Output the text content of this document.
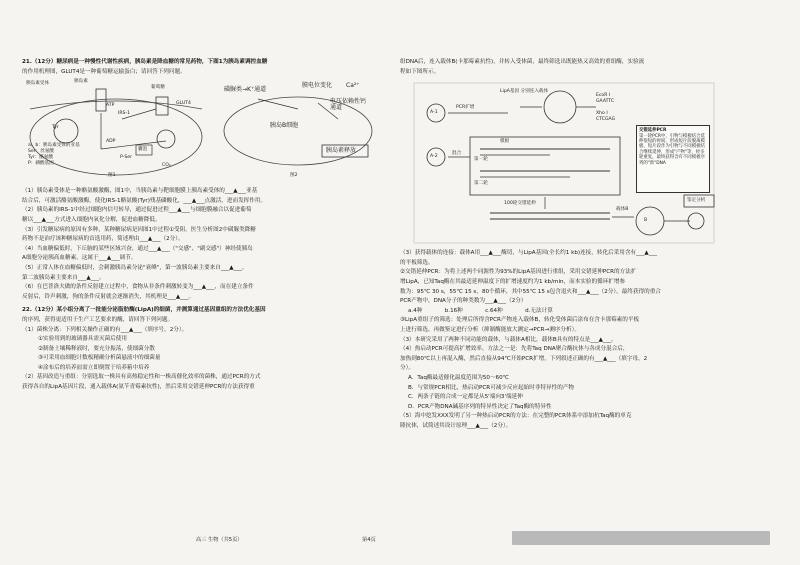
21.（12分）糖尿病是一种慢性代谢性疾病，胰岛素是降血糖的常见药物，下图1为胰岛素调控血糖
的作用机理图，GLUT4是一种葡萄糖运输蛋白；请回答下列问题。
胰岛素
胰岛素受体
葡萄糖
GLUT4
ATP
IRS-1
ADP
囊泡
Tyr
P-Ser
CO₂
a、b：胰岛素受体的亚基
Ser：丝氨酸
Tyr：酪氨酸
P：磷酸基团
图1
磺脲类→K⁺通道
膜电位变化 Ca²⁺
电压依赖性钙通道
胰岛B细胞
胰岛素释放
图2
（1）胰岛素受体是一种酪氨酸激酶，图1中，当胰岛素与靶细胞膜上胰岛素受体的___▲___亚基
结合后，可激活酪氨酸激酶，使化IRS-1酪氨酸(Tyr)残基磷酸化，___▲___点激活，进而发挥作用。
（2）胰岛素的IRS-1中经过细胞内信号转导，通过促进过程___▲___与细胞膜融合以促进葡萄
糖以___▲___方式进入细胞内氧化分解，促进血糖降低。
（3）引发糖尿病的原因有多种，某种糖尿病是因图1中过程①受阻，医生分析图2中磺脲类降糖
药物不是治疗该种糖尿病的首选用药，简述理由___▲___（2分）。
（4）当血糖偏低时，下丘脑的某些区域兴奋，通过___▲___（"交感"、"副交感"）神经使胰岛
A细胞分泌胰高血糖素，这属于___▲___调节。
（5）正常人体在血糖偏低时，会刺激胰岛素分泌"衰峰"，第一波胰岛素主要来自___▲___，
第二波胰岛素主要来自___▲___。
（6）在巴普洛夫做的条件反射建立过程中，食物从非条件刺激转变为___▲___，而在建立条件
反射后，铃声刺激，狗的条件反射就会逐渐消失，其机理是___▲___。
22.（12分）某小组分离了一批能分泌脂肪酶(LipA)的细菌，并测算通过基因重组的方法优化基因
的序列，获得更适用于生产工艺要求的酶，请回答下列问题。
（1）菌株分离：下列相关操作正确的有___▲___（填序号，2分）。
①实验用到的玻璃器具需灭菌后使用
②制备土壤稀释液时，要充分振荡，使细菌分散
③可采用血细胞计数板精确分析菌悬液中的细菌量
④涂布后的培养皿需立即倒置于培养箱中培养
（2）基因改造与重组：分别选取一株具有高热稳定性和一株高催化效率的菌株，通过PCR的方式
获得各自的LipA基因片段，通入载体A(氨苄青霉素抗性)，然后采用交错延伸PCR的方法获得重
高三 生物（共5页）
组DNA后，连入载体B(卡那霉素抗性)，并转入受体菌，最终筛选出既能热又高效的重组酶，实验流
程如下图所示。
A-1
A-2
PCR扩增
LipA基因 分别连入载体
混合
模板
第一轮
第二轮
100轮交错延伸
B
载体B
鉴定分析
EcoR I
GAATTC
Xho I
CTCGAG
交错延伸PCR
第一轮PCR中，引物与模板结合延伸很短的时间，形成短片段脱离模板，短片段作为引物与不同模板结合继续延伸，形成"产物"等，经多轮重复，最终获得含有不同模板序列的"新"DNA
（3）获得载体的连接：载体A用___▲___酶切，与LipA基因(全长约1 kb)连接，转化后采用含有___▲___
的平板筛选。
②交错延伸PCR：为将上述两个同源性为93%的LipA基因进行重组，采用交错延伸PCR的方法扩
增LipA，已知Taq酶在其最适延伸温度下的扩增速度约为1 kb/min，而本实验的循环扩增参
数为：95℃ 30 s，55℃ 15 s，80个循环，其中55℃ 15 s包含退火和___▲___（2分）。最终获得的重合
PCR产物中，DNA分子的种类数为___▲___（2分）
a.4种　　　　b.16种　　　　c.64种　　　　d.无法计算
③LipA重组子的筛选：处理后所得含PCR产物连入载体B，转化受体菌后涂布在含卡那霉素的平板
上进行筛选，再做鉴定进行分析（抑制酶能放大测定→PCR→测序分析）。
（3）本研究采用了两种不同功能的载体，与载体A相比，载体B具有的特点是___▲___。
（4）热启动PCR可提高扩增效率。方法之一是：先将Taq DNA聚合酶抗体与各成分混合后，
加热到80℃以上再混入酶，然后直接从94℃开始PCR扩增，下列叙述正确的有___▲___（填字母，2
分）。
A．Taq酶最适催化温度范围为50～60℃
B．与常规PCR相比，热启动PCR可减少反应起始时非特异性的产物
C．两条子链的合成一定都是从5'端向3'端延伸
D．PCR产物DNA碱基序列的特异性决定了Taq酶的特异性
（5）海中挖发XXX发明了另一种热启动PCR的方法：在完整的PCR体系中添加抗Taq酶的单克
隆抗体，试简述其设计原理___▲___（2分）。
第4页
